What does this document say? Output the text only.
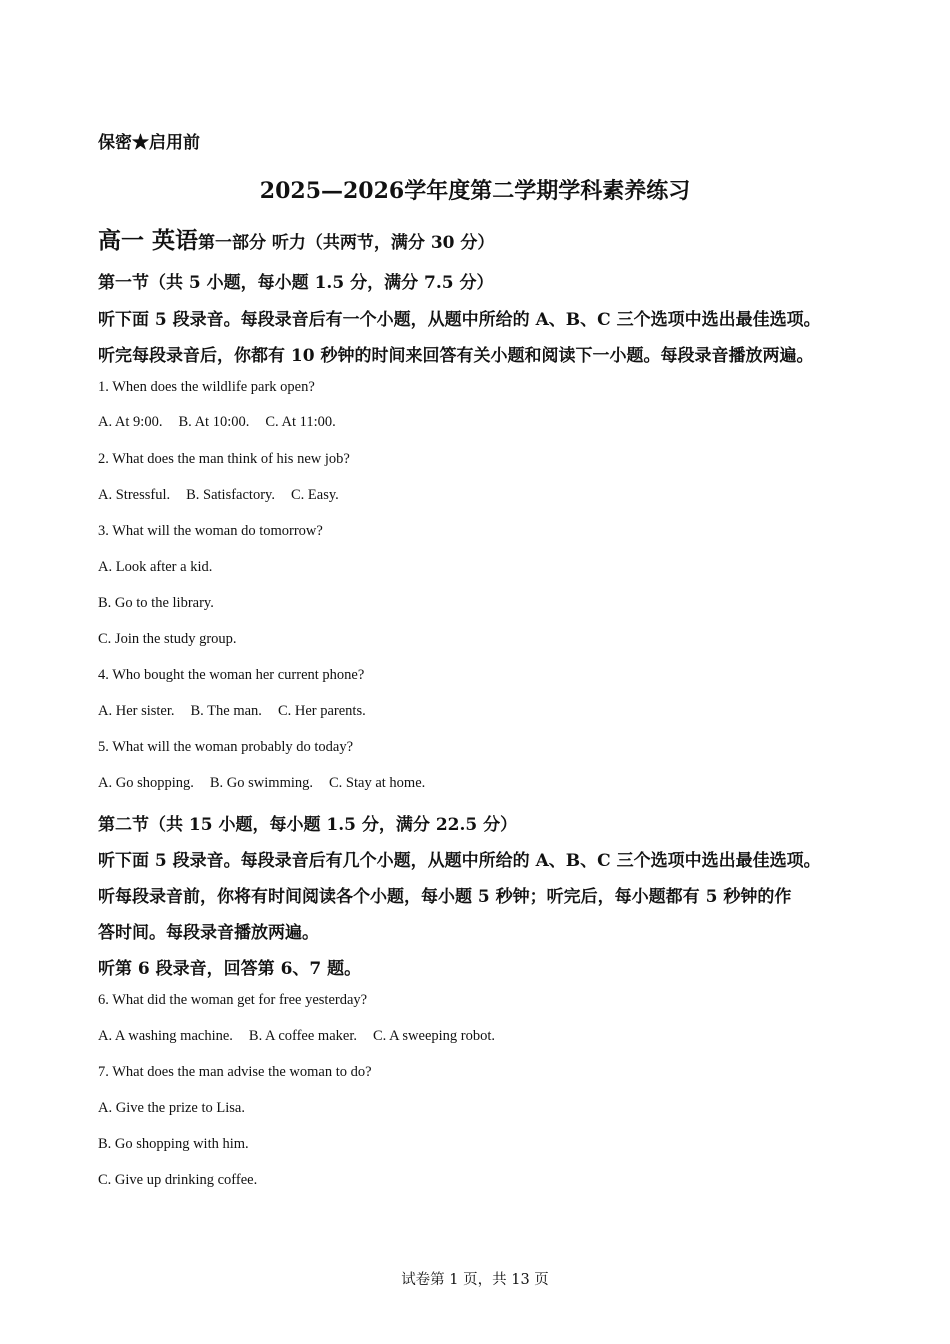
保密★启用前
2025—2026学年度第二学期学科素养练习
高一 英语第一部分 听力（共两节，满分 30 分）
第一节（共 5 小题，每小题 1.5 分，满分 7.5 分）
听下面 5 段录音。每段录音后有一个小题，从题中所给的 A、B、C 三个选项中选出最佳选项。
听完每段录音后，你都有 10 秒钟的时间来回答有关小题和阅读下一小题。每段录音播放两遍。
1. When does the wildlife park open?
A. At 9:00. B. At 10:00. C. At 11:00.
2. What does the man think of his new job?
A. Stressful. B. Satisfactory. C. Easy.
3. What will the woman do tomorrow?
A. Look after a kid.
B. Go to the library.
C. Join the study group.
4. Who bought the woman her current phone?
A. Her sister. B. The man. C. Her parents.
5. What will the woman probably do today?
A. Go shopping. B. Go swimming. C. Stay at home.
第二节（共 15 小题，每小题 1.5 分，满分 22.5 分）
听下面 5 段录音。每段录音后有几个小题，从题中所给的 A、B、C 三个选项中选出最佳选项。
听每段录音前，你将有时间阅读各个小题，每小题 5 秒钟；听完后，每小题都有 5 秒钟的作
答时间。每段录音播放两遍。
听第 6 段录音，回答第 6、7 题。
6. What did the woman get for free yesterday?
A. A washing machine. B. A coffee maker. C. A sweeping robot.
7. What does the man advise the woman to do?
A. Give the prize to Lisa.
B. Go shopping with him.
C. Give up drinking coffee.
试卷第 1 页，共 13 页
